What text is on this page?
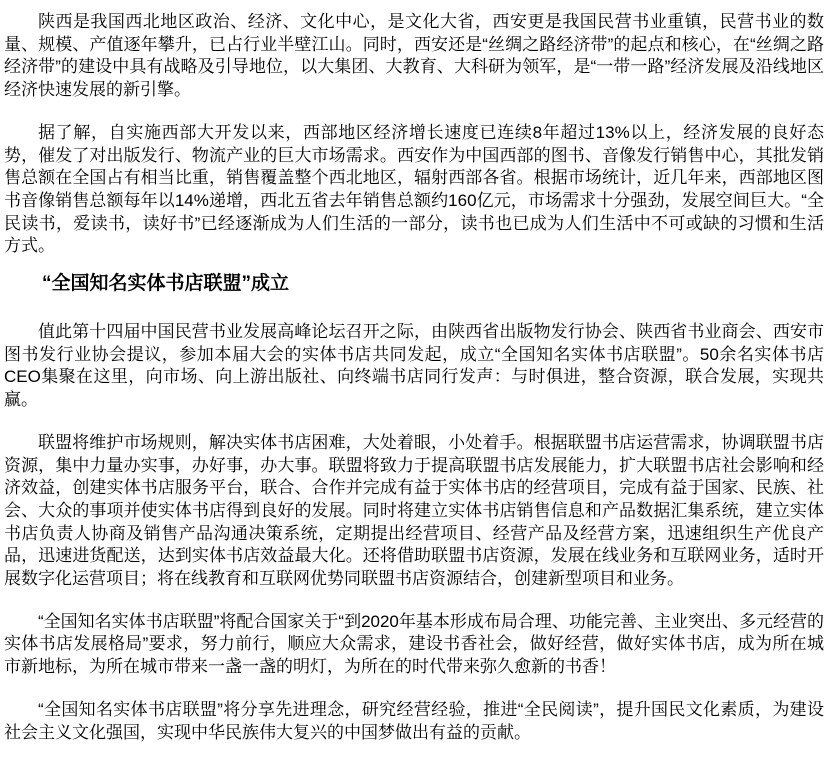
陕西是我国西北地区政治、经济、文化中心，是文化大省，西安更是我国民营书业重镇，民营书业的数量、规模、产值逐年攀升，已占行业半壁江山。同时，西安还是“丝绸之路经济带”的起点和核心，在“丝绸之路经济带”的建设中具有战略及引导地位，以大集团、大教育、大科研为领军，是“一带一路”经济发展及沿线地区经济快速发展的新引擎。

据了解，自实施西部大开发以来，西部地区经济增长速度已连续8年超过13%以上，经济发展的良好态势，催发了对出版发行、物流产业的巨大市场需求。西安作为中国西部的图书、音像发行销售中心，其批发销售总额在全国占有相当比重，销售覆盖整个西北地区，辐射西部各省。根据市场统计，近几年来，西部地区图书音像销售总额每年以14%递增，西北五省去年销售总额约160亿元，市场需求十分强劲，发展空间巨大。“全民读书，爱读书，读好书”已经逐渐成为人们生活的一部分，读书也已成为人们生活中不可或缺的习惯和生活方式。

“全国知名实体书店联盟”成立

值此第十四届中国民营书业发展高峰论坛召开之际，由陕西省出版物发行协会、陕西省书业商会、西安市图书发行业协会提议，参加本届大会的实体书店共同发起，成立“全国知名实体书店联盟”。50余名实体书店CEO集聚在这里，向市场、向上游出版社、向终端书店同行发声：与时俱进，整合资源，联合发展，实现共赢。

联盟将维护市场规则，解决实体书店困难，大处着眼，小处着手。根据联盟书店运营需求，协调联盟书店资源，集中力量办实事，办好事，办大事。联盟将致力于提高联盟书店发展能力，扩大联盟书店社会影响和经济效益，创建实体书店服务平台，联合、合作并完成有益于实体书店的经营项目，完成有益于国家、民族、社会、大众的事项并使实体书店得到良好的发展。同时将建立实体书店销售信息和产品数据汇集系统，建立实体书店负责人协商及销售产品沟通决策系统，定期提出经营项目、经营产品及经营方案，迅速组织生产优良产品，迅速进货配送，达到实体书店效益最大化。还将借助联盟书店资源，发展在线业务和互联网业务，适时开展数字化运营项目；将在线教育和互联网优势同联盟书店资源结合，创建新型项目和业务。

“全国知名实体书店联盟”将配合国家关于“到2020年基本形成布局合理、功能完善、主业突出、多元经营的实体书店发展格局”要求，努力前行，顺应大众需求，建设书香社会，做好经营，做好实体书店，成为所在城市新地标，为所在城市带来一盏一盏的明灯，为所在的时代带来弥久愈新的书香！

“全国知名实体书店联盟”将分享先进理念，研究经营经验，推进“全民阅读”，提升国民文化素质，为建设社会主义文化强国，实现中华民族伟大复兴的中国梦做出有益的贡献。
